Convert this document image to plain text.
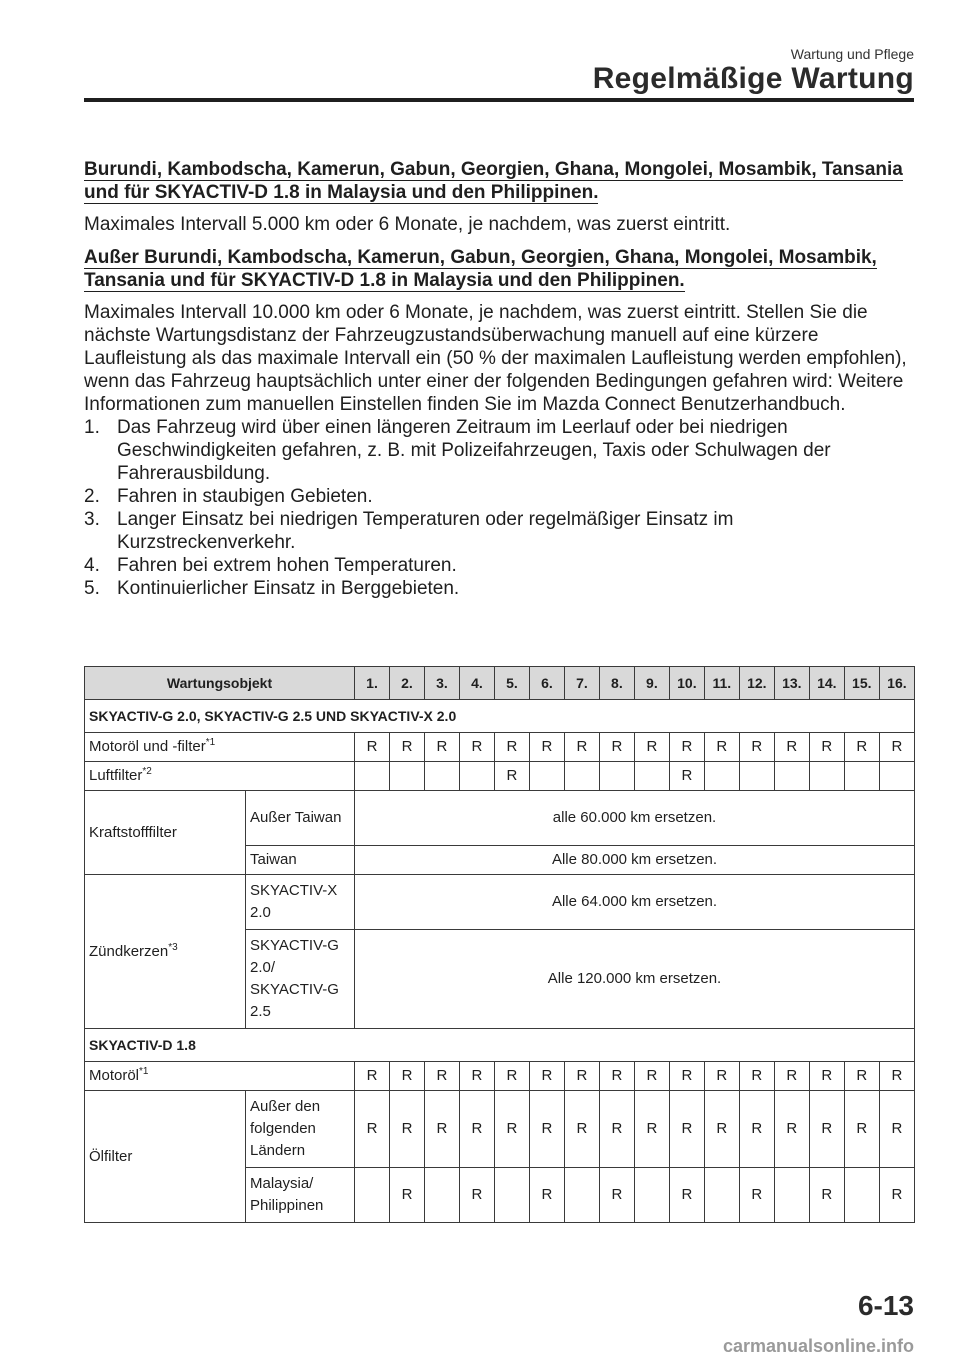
Wartung und Pflege
Regelmäßige Wartung

Burundi, Kambodscha, Kamerun, Gabun, Georgien, Ghana, Mongolei, Mosambik, Tansania und für SKYACTIV-D 1.8 in Malaysia und den Philippinen.

Maximales Intervall 5.000 km oder 6 Monate, je nachdem, was zuerst eintritt.

Außer Burundi, Kambodscha, Kamerun, Gabun, Georgien, Ghana, Mongolei, Mosambik, Tansania und für SKYACTIV-D 1.8 in Malaysia und den Philippinen.

Maximales Intervall 10.000 km oder 6 Monate, je nachdem, was zuerst eintritt. Stellen Sie die nächste Wartungsdistanz der Fahrzeugzustandsüberwachung manuell auf eine kürzere Laufleistung als das maximale Intervall ein (50 % der maximalen Laufleistung werden empfohlen), wenn das Fahrzeug hauptsächlich unter einer der folgenden Bedingungen gefahren wird: Weitere Informationen zum manuellen Einstellen finden Sie im Mazda Connect Benutzerhandbuch.

1. Das Fahrzeug wird über einen längeren Zeitraum im Leerlauf oder bei niedrigen Geschwindigkeiten gefahren, z. B. mit Polizeifahrzeugen, Taxis oder Schulwagen der Fahrerausbildung.
2. Fahren in staubigen Gebieten.
3. Langer Einsatz bei niedrigen Temperaturen oder regelmäßiger Einsatz im Kurzstreckenverkehr.
4. Fahren bei extrem hohen Temperaturen.
5. Kontinuierlicher Einsatz in Berggebieten.
Wartungsobjekt		1.	2.	3.	4.	5.	6.	7.	8.	9.	10.	11.	12.	13.	14.	15.	16.
SKYACTIV-G 2.0, SKYACTIV-G 2.5 UND SKYACTIV-X 2.0																	
Motoröl und -filter$^{*1}$		R	R	R	R	R	R	R	R	R	R	R	R	R	R	R	R
Luftfilter$^{*2}$						R					R						
Kraftstofffilter	Außer Taiwan	alle 60.000 km ersetzen.															
	Taiwan	Alle 80.000 km ersetzen.															
Zündkerzen$^{*3}$	SKYACTIV-X 2.0	Alle 64.000 km ersetzen.															
	SKYACTIV-G 2.0/ SKYACTIV-G 2.5	Alle 120.000 km ersetzen.															
SKYACTIV-D 1.8																	
Motoröl$^{*1}$		R	R	R	R	R	R	R	R	R	R	R	R	R	R	R	R
Ölfilter	Außer den folgenden Ländern	R	R	R	R	R	R	R	R	R	R	R	R	R	R	R	R
	Malaysia/ Philippinen		R		R		R		R		R		R		R		R
6-13
carmanualsonline.info
